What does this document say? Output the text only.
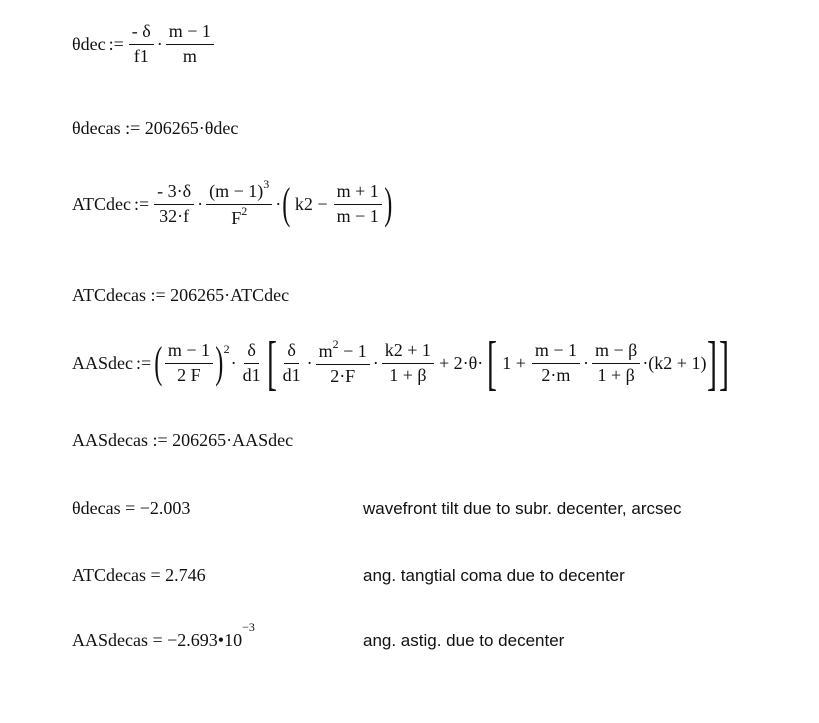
θdec := $\frac{- \delta}{f1} \cdot \frac{m - 1}{m}$
θdecas := 206265·θdec
ATCdec := $\frac{- 3\cdot\delta}{32\cdot f} \cdot \frac{(m - 1)^3}{F^2}$ · ( $k2 - \frac{m + 1}{m - 1}$ )
ATCdecas := 206265·ATCdec
AASdec := ( $\frac{m - 1}{2 F} )^2$
· $\frac{\delta}{d1}$ [ $\frac{\delta}{d1} \cdot \frac{m^2 - 1}{2\cdot F} \cdot \frac{k2 + 1}{1 + \beta} + 2\cdot\theta\cdot$ [ $1 + \frac{m - 1}{2\cdot m} \cdot \frac{m - \beta}{1 + \beta} \cdot(k2 + 1)$ ] ]
AASdecas := 206265·AASdec
θdecas = −2.003	wavefront tilt due to subr. decenter, arcsec
ATCdecas = 2.746	ang. tangtial coma due to decenter
AASdecas = $-2.693•10^{-3}$
ang. astig. due to decenter
